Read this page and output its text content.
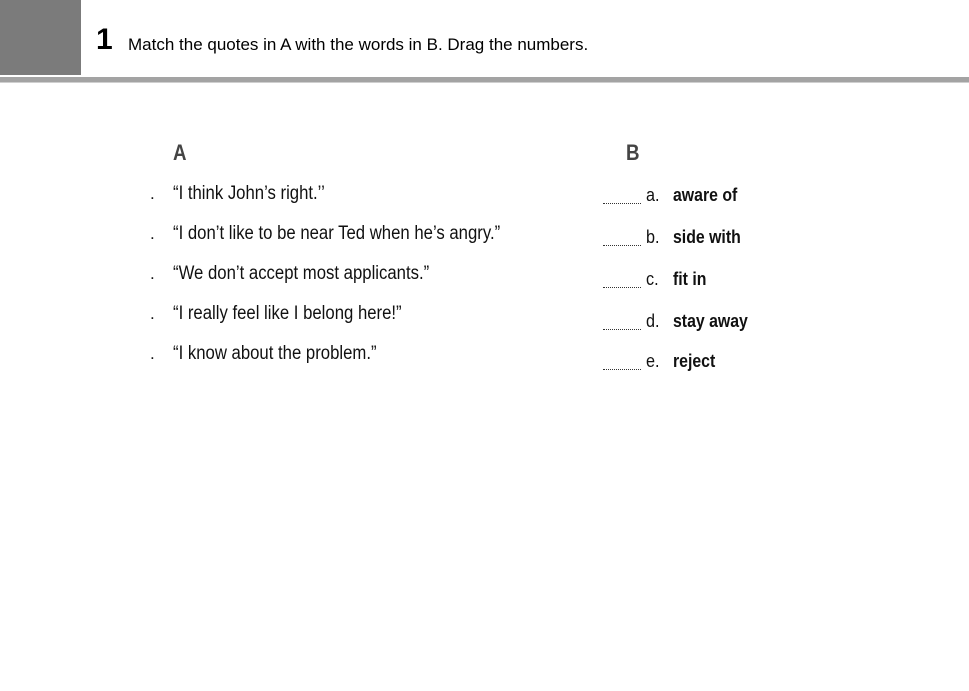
1 Match the quotes in A with the words in B. Drag the numbers.
A	B
. “I think John’s right.’’
. “I don’t like to be near Ted when he’s angry.”
. “We don’t accept most applicants.”
. “I really feel like I belong here!”
. “I know about the problem.”
a. aware of
b. side with
c. fit in
d. stay away
e. reject
